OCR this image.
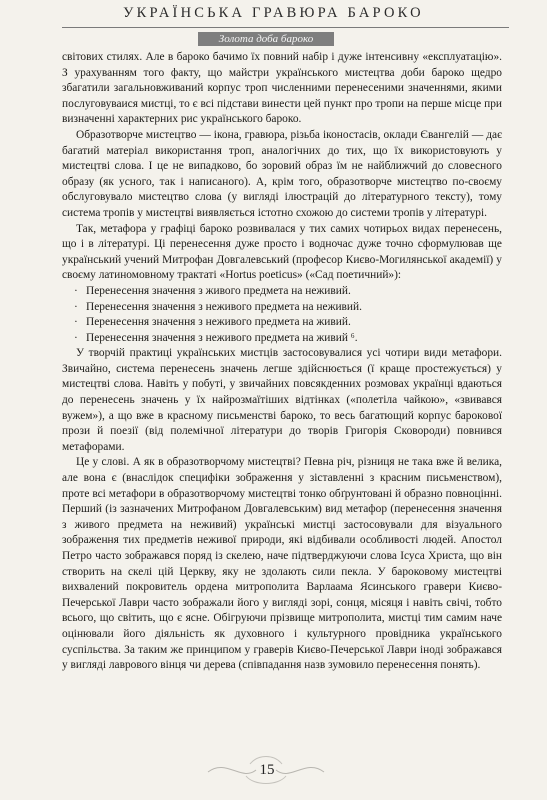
УКРАЇНСЬКА ГРАВЮРА БАРОКО
Золота доба бароко

світових стилях. Але в бароко бачимо їх повний набір і дуже інтенсивну «експлуатацію». З урахуванням того факту, що майстри українського мистецтва доби бароко щедро збагатили загальновживаний корпус троп численними перенесеними значеннями, якими послуговуваися мистці, то є всі підстави винести цей пункт про тропи на перше місце при визначенні характерних рис українського бароко.

Образотворче мистецтво — ікона, гравюра, різьба іконостасів, оклади Євангелій — дає багатий матеріал використання троп, аналогічних до тих, що їх використовують у мистецтві слова. І це не випадково, бо зоровий образ їм не найближчий до словесного образу (як усного, так і написаного). А, крім того, образотворче мистецтво по-своєму обслуговувало мистецтво слова (у вигляді ілюстрацій до літературного тексту), тому система тропів у мистецтві виявляється істотно схожою до системи тропів у літературі.

Так, метафора у графіці бароко розвивалася у тих самих чотирьох видах перенесень, що і в літературі. Ці перенесення дуже просто і водночас дуже точно сформулював ще український учений Митрофан Довгалевський (професор Києво-Могилянської академії) у своєму латиномовному трактаті «Hortus poeticus» («Сад поетичний»):

· Перенесення значення з живого предмета на неживий.
· Перенесення значення з неживого предмета на неживий.
· Перенесення значення з неживого предмета на живий.
· Перенесення значення з неживого предмета на живий ⁶.

У творчій практиці українських мистців застосовувалися усі чотири види метафори. Звичайно, система перенесень значень легше здійснюється (ї краще простежується) у мистецтві слова. Навіть у побуті, у звичайних повсякденних розмовах українці вдаються до перенесень значень у їх найрозмаїтіших відтінках («полетіла чайкою», «звивався вужем»), а що вже в красному письменстві бароко, то весь багатющий корпус барокової прози й поезії (від полемічної літератури до творів Григорія Сковороди) повнився метафорами.

Це у слові. А як в образотворчому мистецтві? Певна річ, різниця не така вже й велика, але вона є (внаслідок специфіки зображення у зіставленні з красним письменством), проте всі метафори в образотворчому мистецтві тонко обґрунтовані й образно повноцінні. Перший (із зазначених Митрофаном Довгалевським) вид метафор (перенесення значення з живого предмета на неживий) українські мистці застосовували для візуального зображення тих предметів неживої природи, які відбивали особливості людей. Апостол Петро часто зображався поряд із скелею, наче підтверджуючи слова Ісуса Христа, що він створить на скелі цій Церкву, яку не здолають сили пекла. У бароковому мистецтві вихвалений покровитель ордена митрополита Варлаама Ясинського гравери Києво-Печерської Лаври часто зображали його у вигляді зорі, сонця, місяця і навіть свічі, тобто всього, що світить, що є ясне. Обігруючи прізвище митрополита, мистці тим самим наче оцінювали його діяльність як духовного і культурного провідника українського суспільства. За таким же принципом у граверів Києво-Печерської Лаври іноді зображався у вигляді лаврового вінця чи дерева (співпадання назв зумовило перенесення понять).

15
